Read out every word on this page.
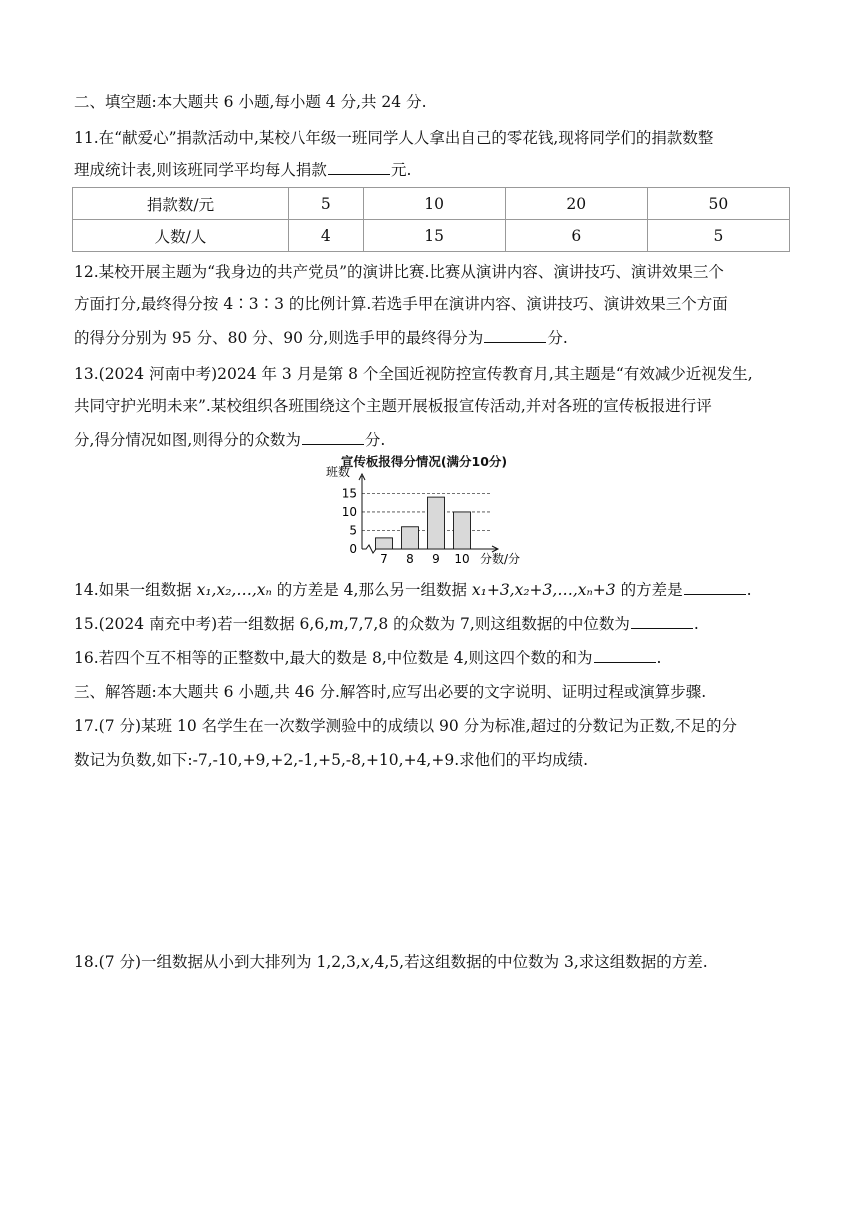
二、填空题:本大题共 6 小题,每小题 4 分,共 24 分.
11.在“献爱心”捐款活动中,某校八年级一班同学人人拿出自己的零花钱,现将同学们的捐款数整
理成统计表,则该班同学平均每人捐款	元.
捐款数/元	5	10	20	50
人数/人	4	15	6	5
12.某校开展主题为“我身边的共产党员”的演讲比赛.比赛从演讲内容、演讲技巧、演讲效果三个
方面打分,最终得分按 4∶3∶3 的比例计算.若选手甲在演讲内容、演讲技巧、演讲效果三个方面
的得分分别为 95 分、80 分、90 分,则选手甲的最终得分为	分.
13.(2024 河南中考)2024 年 3 月是第 8 个全国近视防控宣传教育月,其主题是“有效减少近视发生,
共同守护光明未来”.某校组织各班围绕这个主题开展板报宣传活动,并对各班的宣传板报进行评
分,得分情况如图,则得分的众数为	分.
宣传板报得分情况(满分10分)
班数
0
5
10
15
7 8 9 10 分数/分
14.如果一组数据 x₁,x₂,…,xₙ 的方差是 4,那么另一组数据 x₁+3,x₂+3,…,xₙ+3 的方差是	.
15.(2024 南充中考)若一组数据 6,6,m,7,7,8 的众数为 7,则这组数据的中位数为	.
16.若四个互不相等的正整数中,最大的数是 8,中位数是 4,则这四个数的和为	.
三、解答题:本大题共 6 小题,共 46 分.解答时,应写出必要的文字说明、证明过程或演算步骤.
17.(7 分)某班 10 名学生在一次数学测验中的成绩以 90 分为标准,超过的分数记为正数,不足的分
数记为负数,如下:-7,-10,+9,+2,-1,+5,-8,+10,+4,+9.求他们的平均成绩.
18.(7 分)一组数据从小到大排列为 1,2,3,x,4,5,若这组数据的中位数为 3,求这组数据的方差.
